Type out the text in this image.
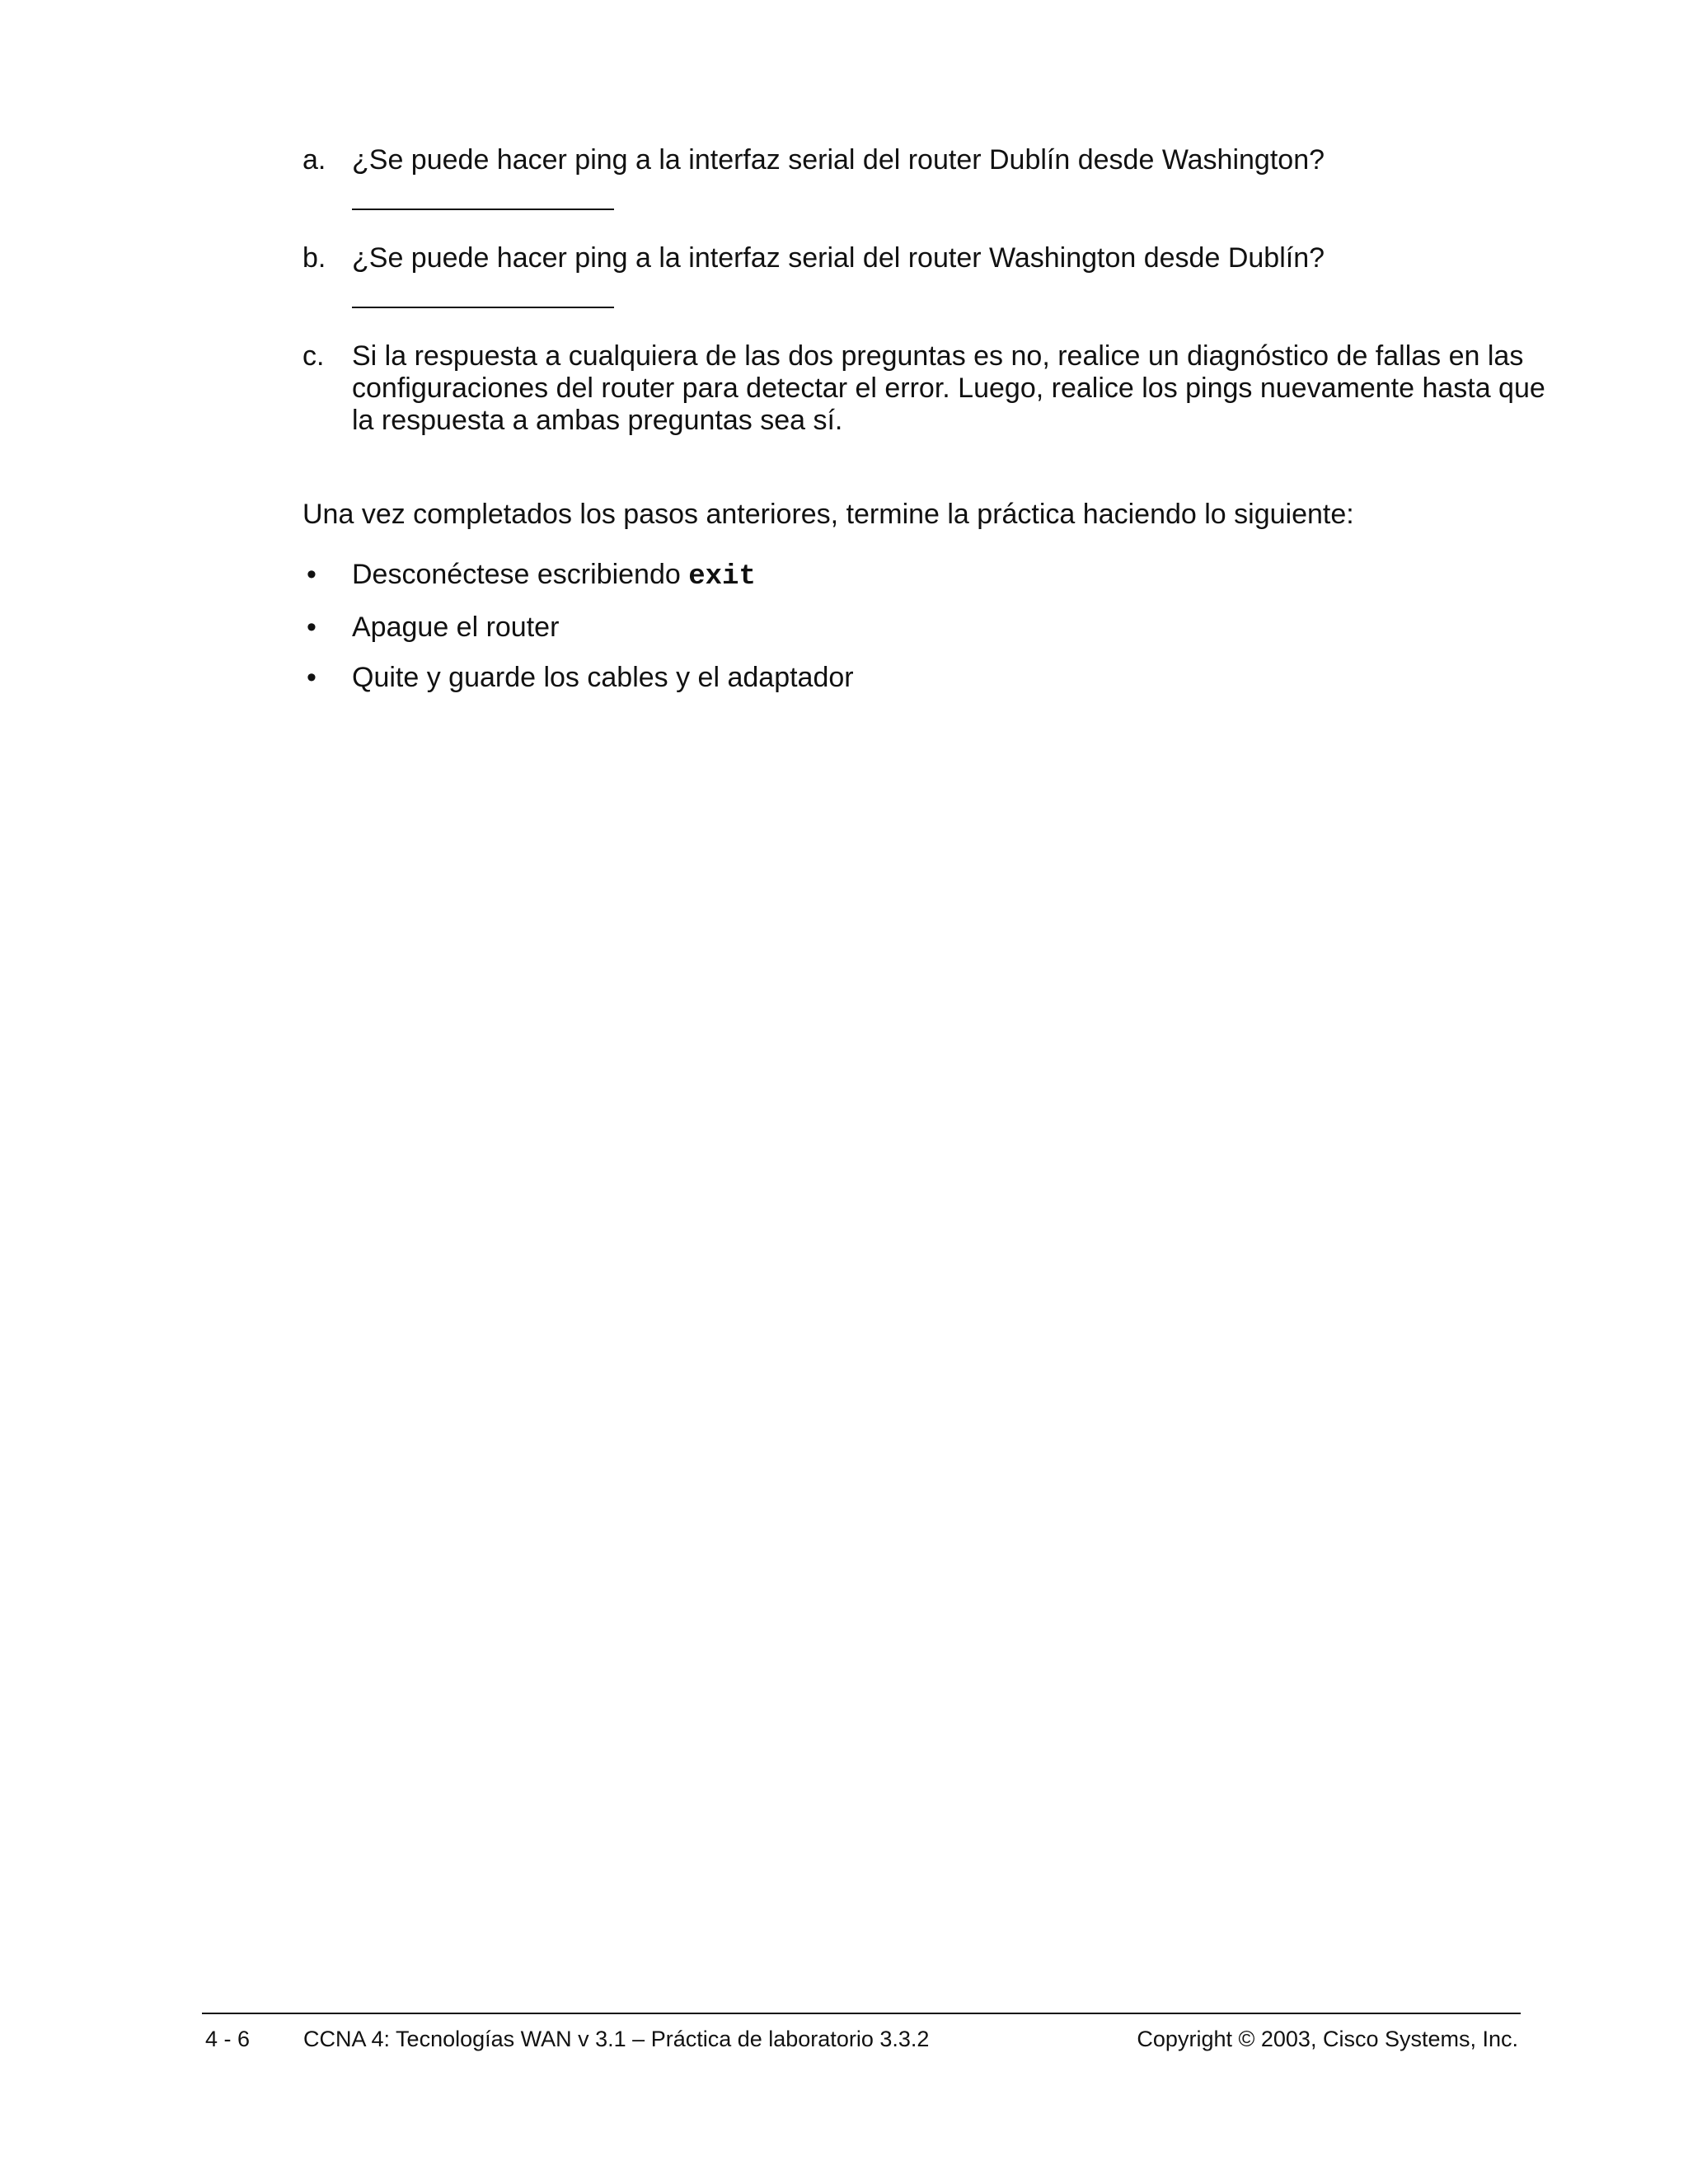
a. ¿Se puede hacer ping a la interfaz serial del router Dublín desde Washington?
b. ¿Se puede hacer ping a la interfaz serial del router Washington desde Dublín?
c. Si la respuesta a cualquiera de las dos preguntas es no, realice un diagnóstico de fallas en las configuraciones del router para detectar el error. Luego, realice los pings nuevamente hasta que la respuesta a ambas preguntas sea sí.

Una vez completados los pasos anteriores, termine la práctica haciendo lo siguiente:

• Desconéctese escribiendo exit
• Apague el router
• Quite y guarde los cables y el adaptador
4 - 6 CCNA 4: Tecnologías WAN v 3.1 – Práctica de laboratorio 3.3.2	Copyright © 2003, Cisco Systems, Inc.
